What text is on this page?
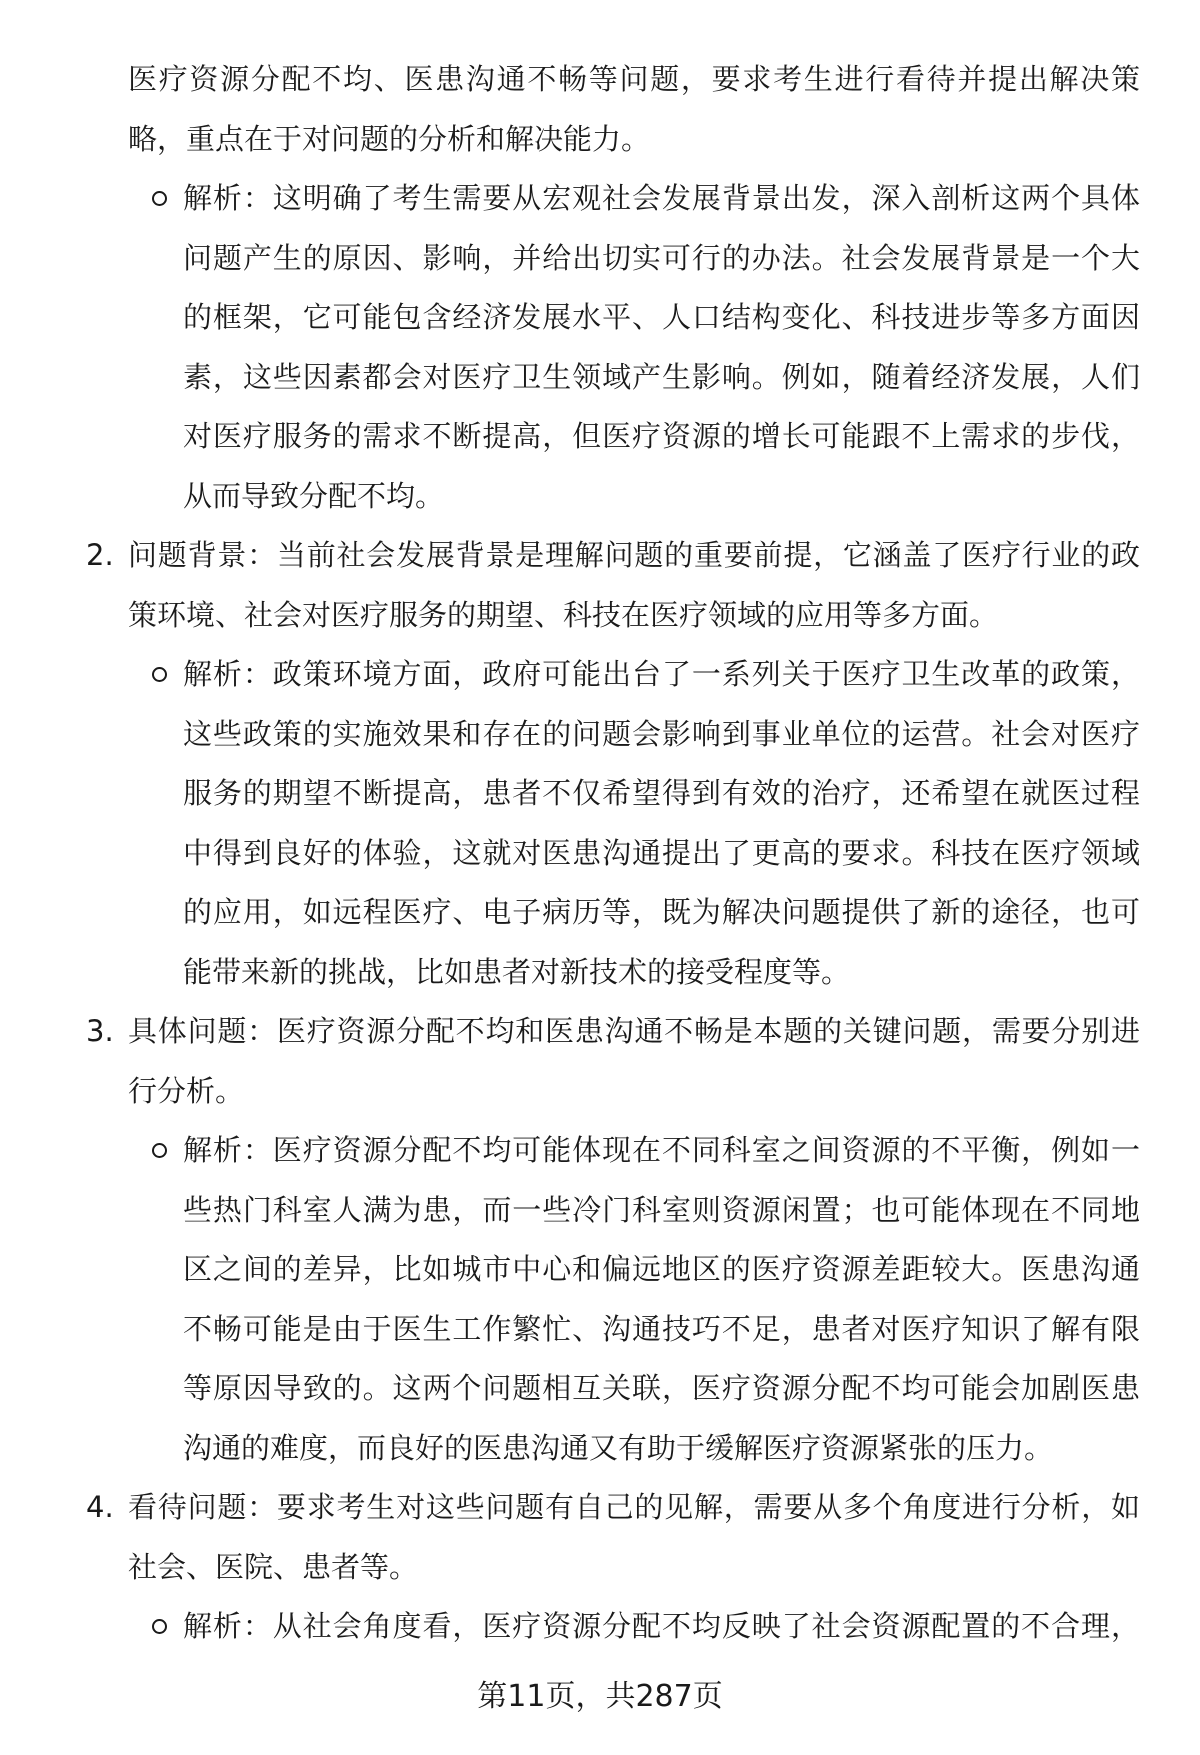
医疗资源分配不均、医患沟通不畅等问题，要求考生进行看待并提出解决策
略，重点在于对问题的分析和解决能力。
解析：这明确了考生需要从宏观社会发展背景出发，深入剖析这两个具体
问题产生的原因、影响，并给出切实可行的办法。社会发展背景是一个大
的框架，它可能包含经济发展水平、人口结构变化、科技进步等多方面因
素，这些因素都会对医疗卫生领域产生影响。例如，随着经济发展，人们
对医疗服务的需求不断提高，但医疗资源的增长可能跟不上需求的步伐，
从而导致分配不均。
2. 问题背景：当前社会发展背景是理解问题的重要前提，它涵盖了医疗行业的政
策环境、社会对医疗服务的期望、科技在医疗领域的应用等多方面。
解析：政策环境方面，政府可能出台了一系列关于医疗卫生改革的政策，
这些政策的实施效果和存在的问题会影响到事业单位的运营。社会对医疗
服务的期望不断提高，患者不仅希望得到有效的治疗，还希望在就医过程
中得到良好的体验，这就对医患沟通提出了更高的要求。科技在医疗领域
的应用，如远程医疗、电子病历等，既为解决问题提供了新的途径，也可
能带来新的挑战，比如患者对新技术的接受程度等。
3. 具体问题：医疗资源分配不均和医患沟通不畅是本题的关键问题，需要分别进
行分析。
解析：医疗资源分配不均可能体现在不同科室之间资源的不平衡，例如一
些热门科室人满为患，而一些冷门科室则资源闲置；也可能体现在不同地
区之间的差异，比如城市中心和偏远地区的医疗资源差距较大。医患沟通
不畅可能是由于医生工作繁忙、沟通技巧不足，患者对医疗知识了解有限
等原因导致的。这两个问题相互关联，医疗资源分配不均可能会加剧医患
沟通的难度，而良好的医患沟通又有助于缓解医疗资源紧张的压力。
4. 看待问题：要求考生对这些问题有自己的见解，需要从多个角度进行分析，如
社会、医院、患者等。
解析：从社会角度看，医疗资源分配不均反映了社会资源配置的不合理，
第11页，共287页
